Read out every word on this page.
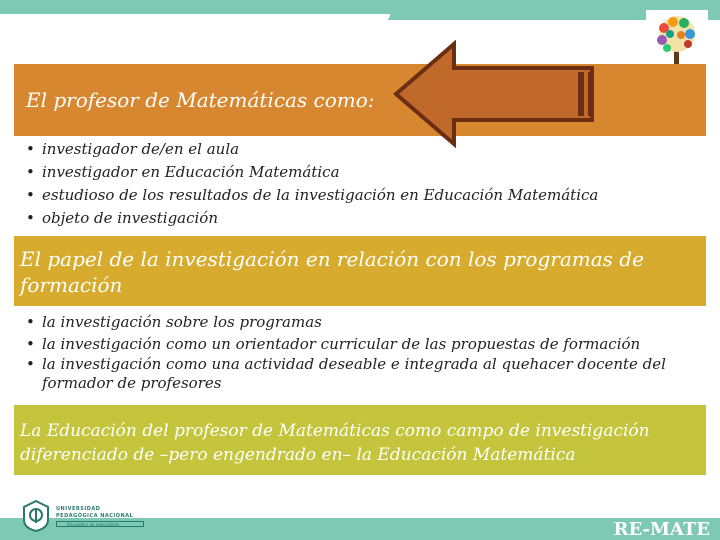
El profesor de Matemáticas como:
• investigador de/en el aula
• investigador en Educación Matemática
• estudioso de los resultados de la investigación en Educación Matemática
• objeto de investigación
El papel de la investigación en relación con los programas de formación
• la investigación sobre los programas
• la investigación como un orientador curricular de las propuestas de formación
• la investigación como una actividad deseable e integrada al quehacer docente del formador de profesores
La Educación del profesor de Matemáticas como campo de investigación diferenciado de –pero engendrado en– la Educación Matemática
UNIVERSIDAD PEDAGÓGICA NACIONAL
Educadora de educadores	RE-MATE
